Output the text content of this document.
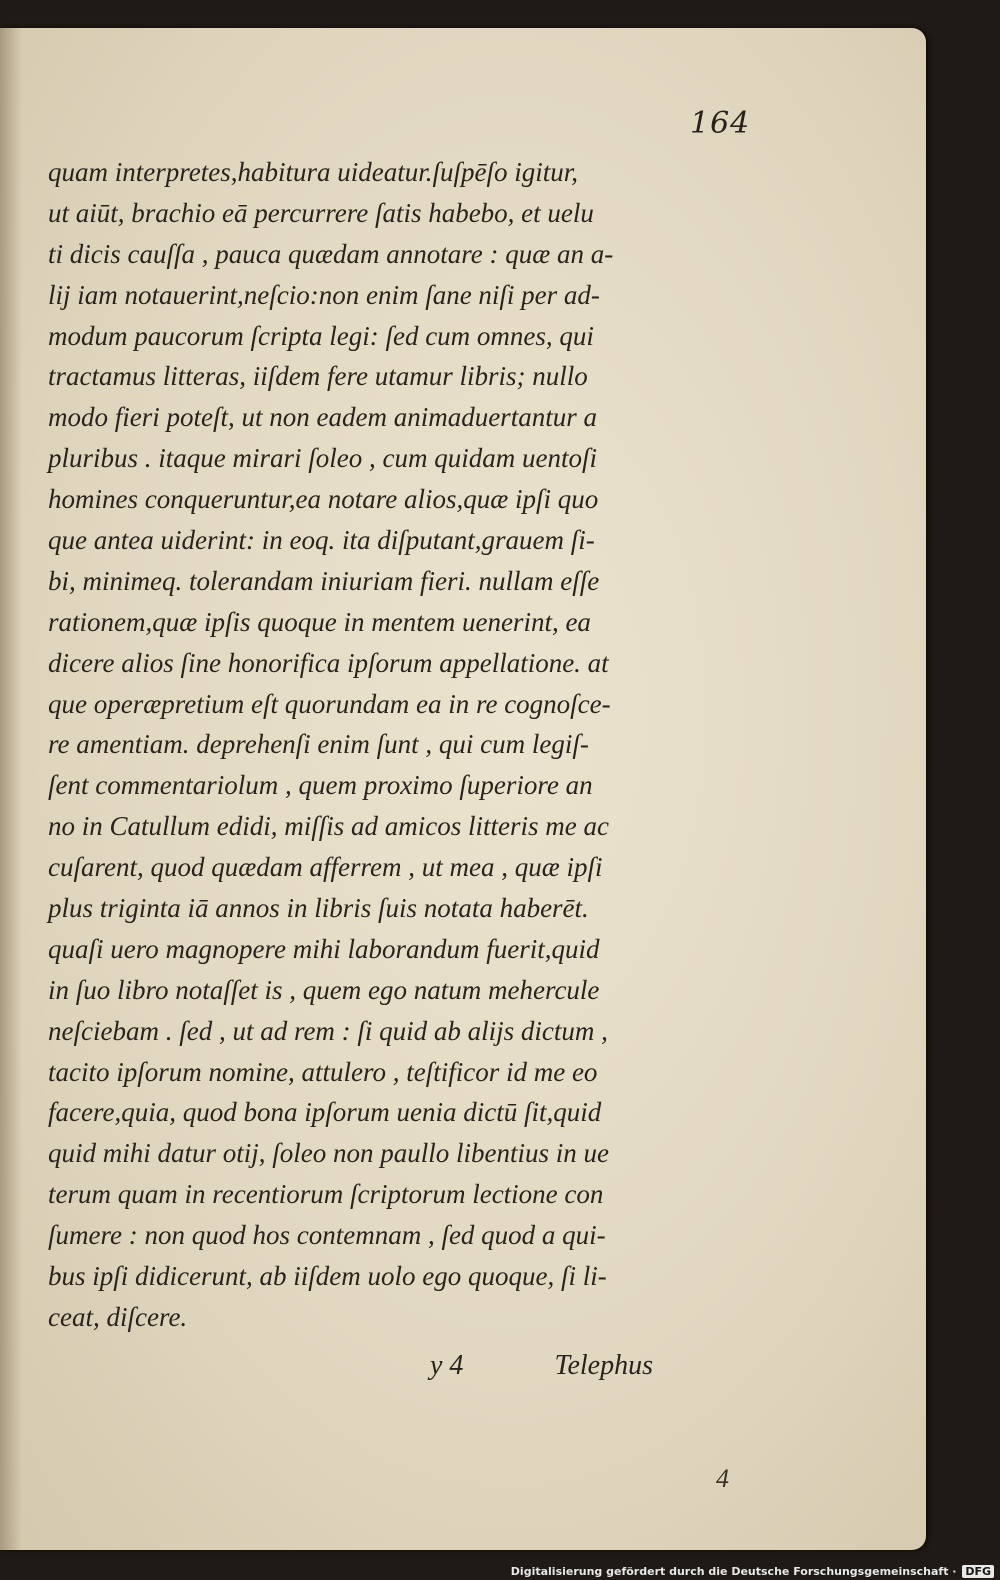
164
quam interpretes,habitura uideatur.ſuſpēſo igitur,
ut aiūt, brachio eā percurrere ſatis habebo, et uelu
ti dicis cauſſa , pauca quædam annotare : quæ an a-
lij iam notauerint,neſcio:non enim ſane niſi per ad-
modum paucorum ſcripta legi: ſed cum omnes, qui
tractamus litteras, iiſdem fere utamur libris; nullo
modo fieri poteſt, ut non eadem animaduertantur a
pluribus . itaque mirari ſoleo , cum quidam uentoſi
homines conqueruntur,ea notare alios,quæ ipſi quo
que antea uiderint: in eoq. ita diſputant,grauem ſi-
bi, minimeq. tolerandam iniuriam fieri. nullam eſſe
rationem,quæ ipſis quoque in mentem uenerint, ea
dicere alios ſine honorifica ipſorum appellatione. at
que operæpretium eſt quorundam ea in re cognoſce-
re amentiam. deprehenſi enim ſunt , qui cum legiſ-
ſent commentariolum , quem proximo ſuperiore an
no in Catullum edidi, miſſis ad amicos litteris me ac
cuſarent, quod quædam afferrem , ut mea , quæ ipſi
plus triginta iā annos in libris ſuis notata haberēt.
quaſi uero magnopere mihi laborandum fuerit,quid
in ſuo libro notaſſet is , quem ego natum mehercule
neſciebam . ſed , ut ad rem : ſi quid ab alijs dictum ,
tacito ipſorum nomine, attulero , teſtificor id me eo
facere,quia, quod bona ipſorum uenia dictū ſit,quid
quid mihi datur otij, ſoleo non paullo libentius in ue
terum quam in recentiorum ſcriptorum lectione con
ſumere : non quod hos contemnam , ſed quod a qui-
bus ipſi didicerunt, ab iiſdem uolo ego quoque, ſi li-
ceat, diſcere.
y 4	Telephus
4
Digitalisierung gefördert durch die Deutsche Forschungsgemeinschaft · DFG
